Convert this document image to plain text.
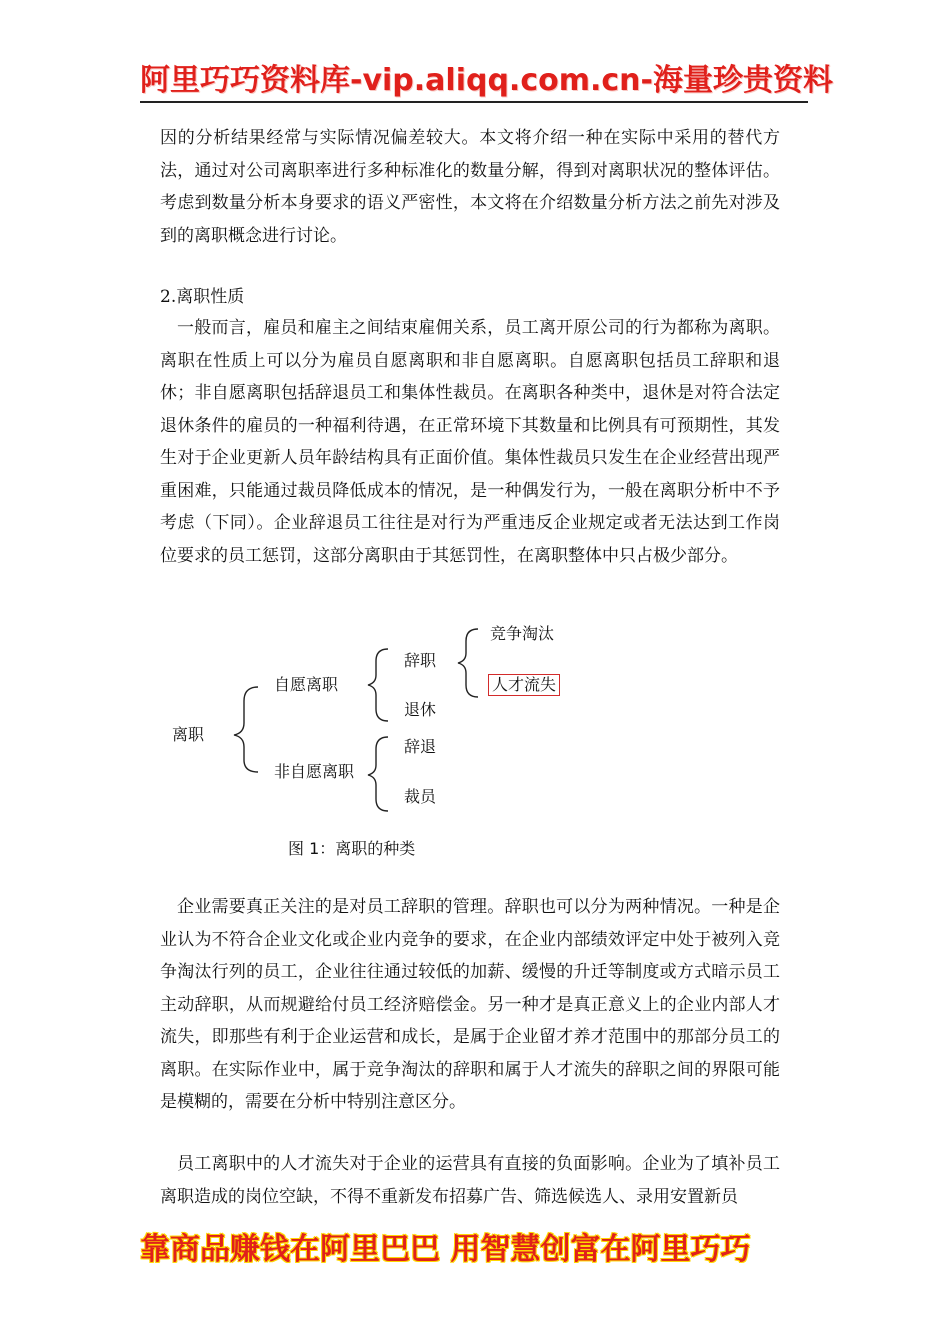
阿里巧巧资料库-vip.aliqq.com.cn-海量珍贵资料

因的分析结果经常与实际情况偏差较大。本文将介绍一种在实际中采用的替代方法，通过对公司离职率进行多种标准化的数量分解，得到对离职状况的整体评估。考虑到数量分析本身要求的语义严密性，本文将在介绍数量分析方法之前先对涉及到的离职概念进行讨论。

2.离职性质

一般而言，雇员和雇主之间结束雇佣关系，员工离开原公司的行为都称为离职。离职在性质上可以分为雇员自愿离职和非自愿离职。自愿离职包括员工辞职和退休；非自愿离职包括辞退员工和集体性裁员。在离职各种类中，退休是对符合法定退休条件的雇员的一种福利待遇，在正常环境下其数量和比例具有可预期性，其发生对于企业更新人员年龄结构具有正面价值。集体性裁员只发生在企业经营出现严重困难，只能通过裁员降低成本的情况，是一种偶发行为，一般在离职分析中不予考虑（下同）。企业辞退员工往往是对行为严重违反企业规定或者无法达到工作岗位要求的员工惩罚，这部分离职由于其惩罚性，在离职整体中只占极少部分。

离职
自愿离职
非自愿离职
辞职
退休
辞退
裁员
竞争淘汰
人才流失
图 1：离职的种类

企业需要真正关注的是对员工辞职的管理。辞职也可以分为两种情况。一种是企业认为不符合企业文化或企业内竞争的要求，在企业内部绩效评定中处于被列入竞争淘汰行列的员工，企业往往通过较低的加薪、缓慢的升迁等制度或方式暗示员工主动辞职，从而规避给付员工经济赔偿金。另一种才是真正意义上的企业内部人才流失，即那些有利于企业运营和成长，是属于企业留才养才范围中的那部分员工的离职。在实际作业中，属于竞争淘汰的辞职和属于人才流失的辞职之间的界限可能是模糊的，需要在分析中特别注意区分。

员工离职中的人才流失对于企业的运营具有直接的负面影响。企业为了填补员工离职造成的岗位空缺，不得不重新发布招募广告、筛选候选人、录用安置新员

靠商品赚钱在阿里巴巴 用智慧创富在阿里巧巧
